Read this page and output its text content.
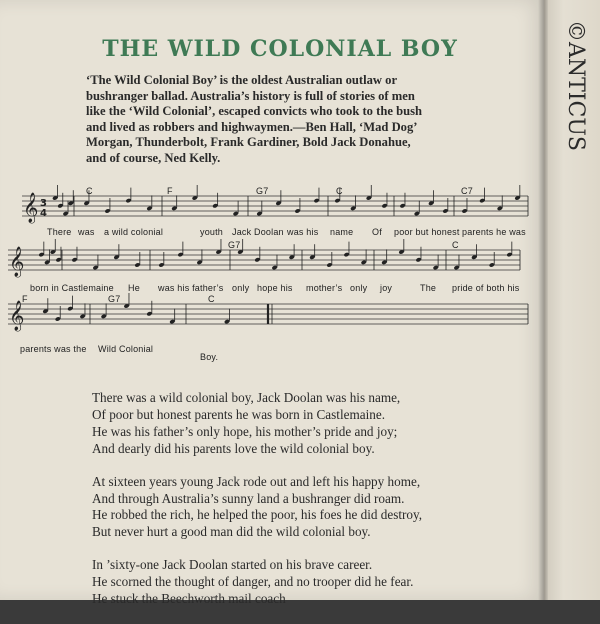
THE WILD COLONIAL BOY
‘The Wild Colonial Boy’ is the oldest Australian outlaw or
bushranger ballad. Australia’s history is full of stories of men
like the ‘Wild Colonial’, escaped convicts who took to the bush
and lived as robbers and highwaymen.—Ben Hall, ‘Mad Dog’
Morgan, Thunderbolt, Frank Gardiner, Bold Jack Donahue,
and of course, Ned Kelly.
𝄞
𝄞
𝄞
3
4
C	F	G7	C	C7
There was a wild colonial	youth Jack Doolan was his name Of poor but honest parents he was
G7	C
born in Castlemaine He was his father’s only hope his mother’s only joy	The pride of both his
F	G7	C
parents was the Wild Colonial
Boy.
There was a wild colonial boy, Jack Doolan was his name,
Of poor but honest parents he was born in Castlemaine.
He was his father’s only hope, his mother’s pride and joy;
And dearly did his parents love the wild colonial boy.
At sixteen years young Jack rode out and left his happy home,
And through Australia’s sunny land a bushranger did roam.
He robbed the rich, he helped the poor, his foes he did destroy,
But never hurt a good man did the wild colonial boy.
In ’sixty-one Jack Doolan started on his brave career.
He scorned the thought of danger, and no trooper did he fear.
He stuck the Beechworth mail coach
©ANTICUS
